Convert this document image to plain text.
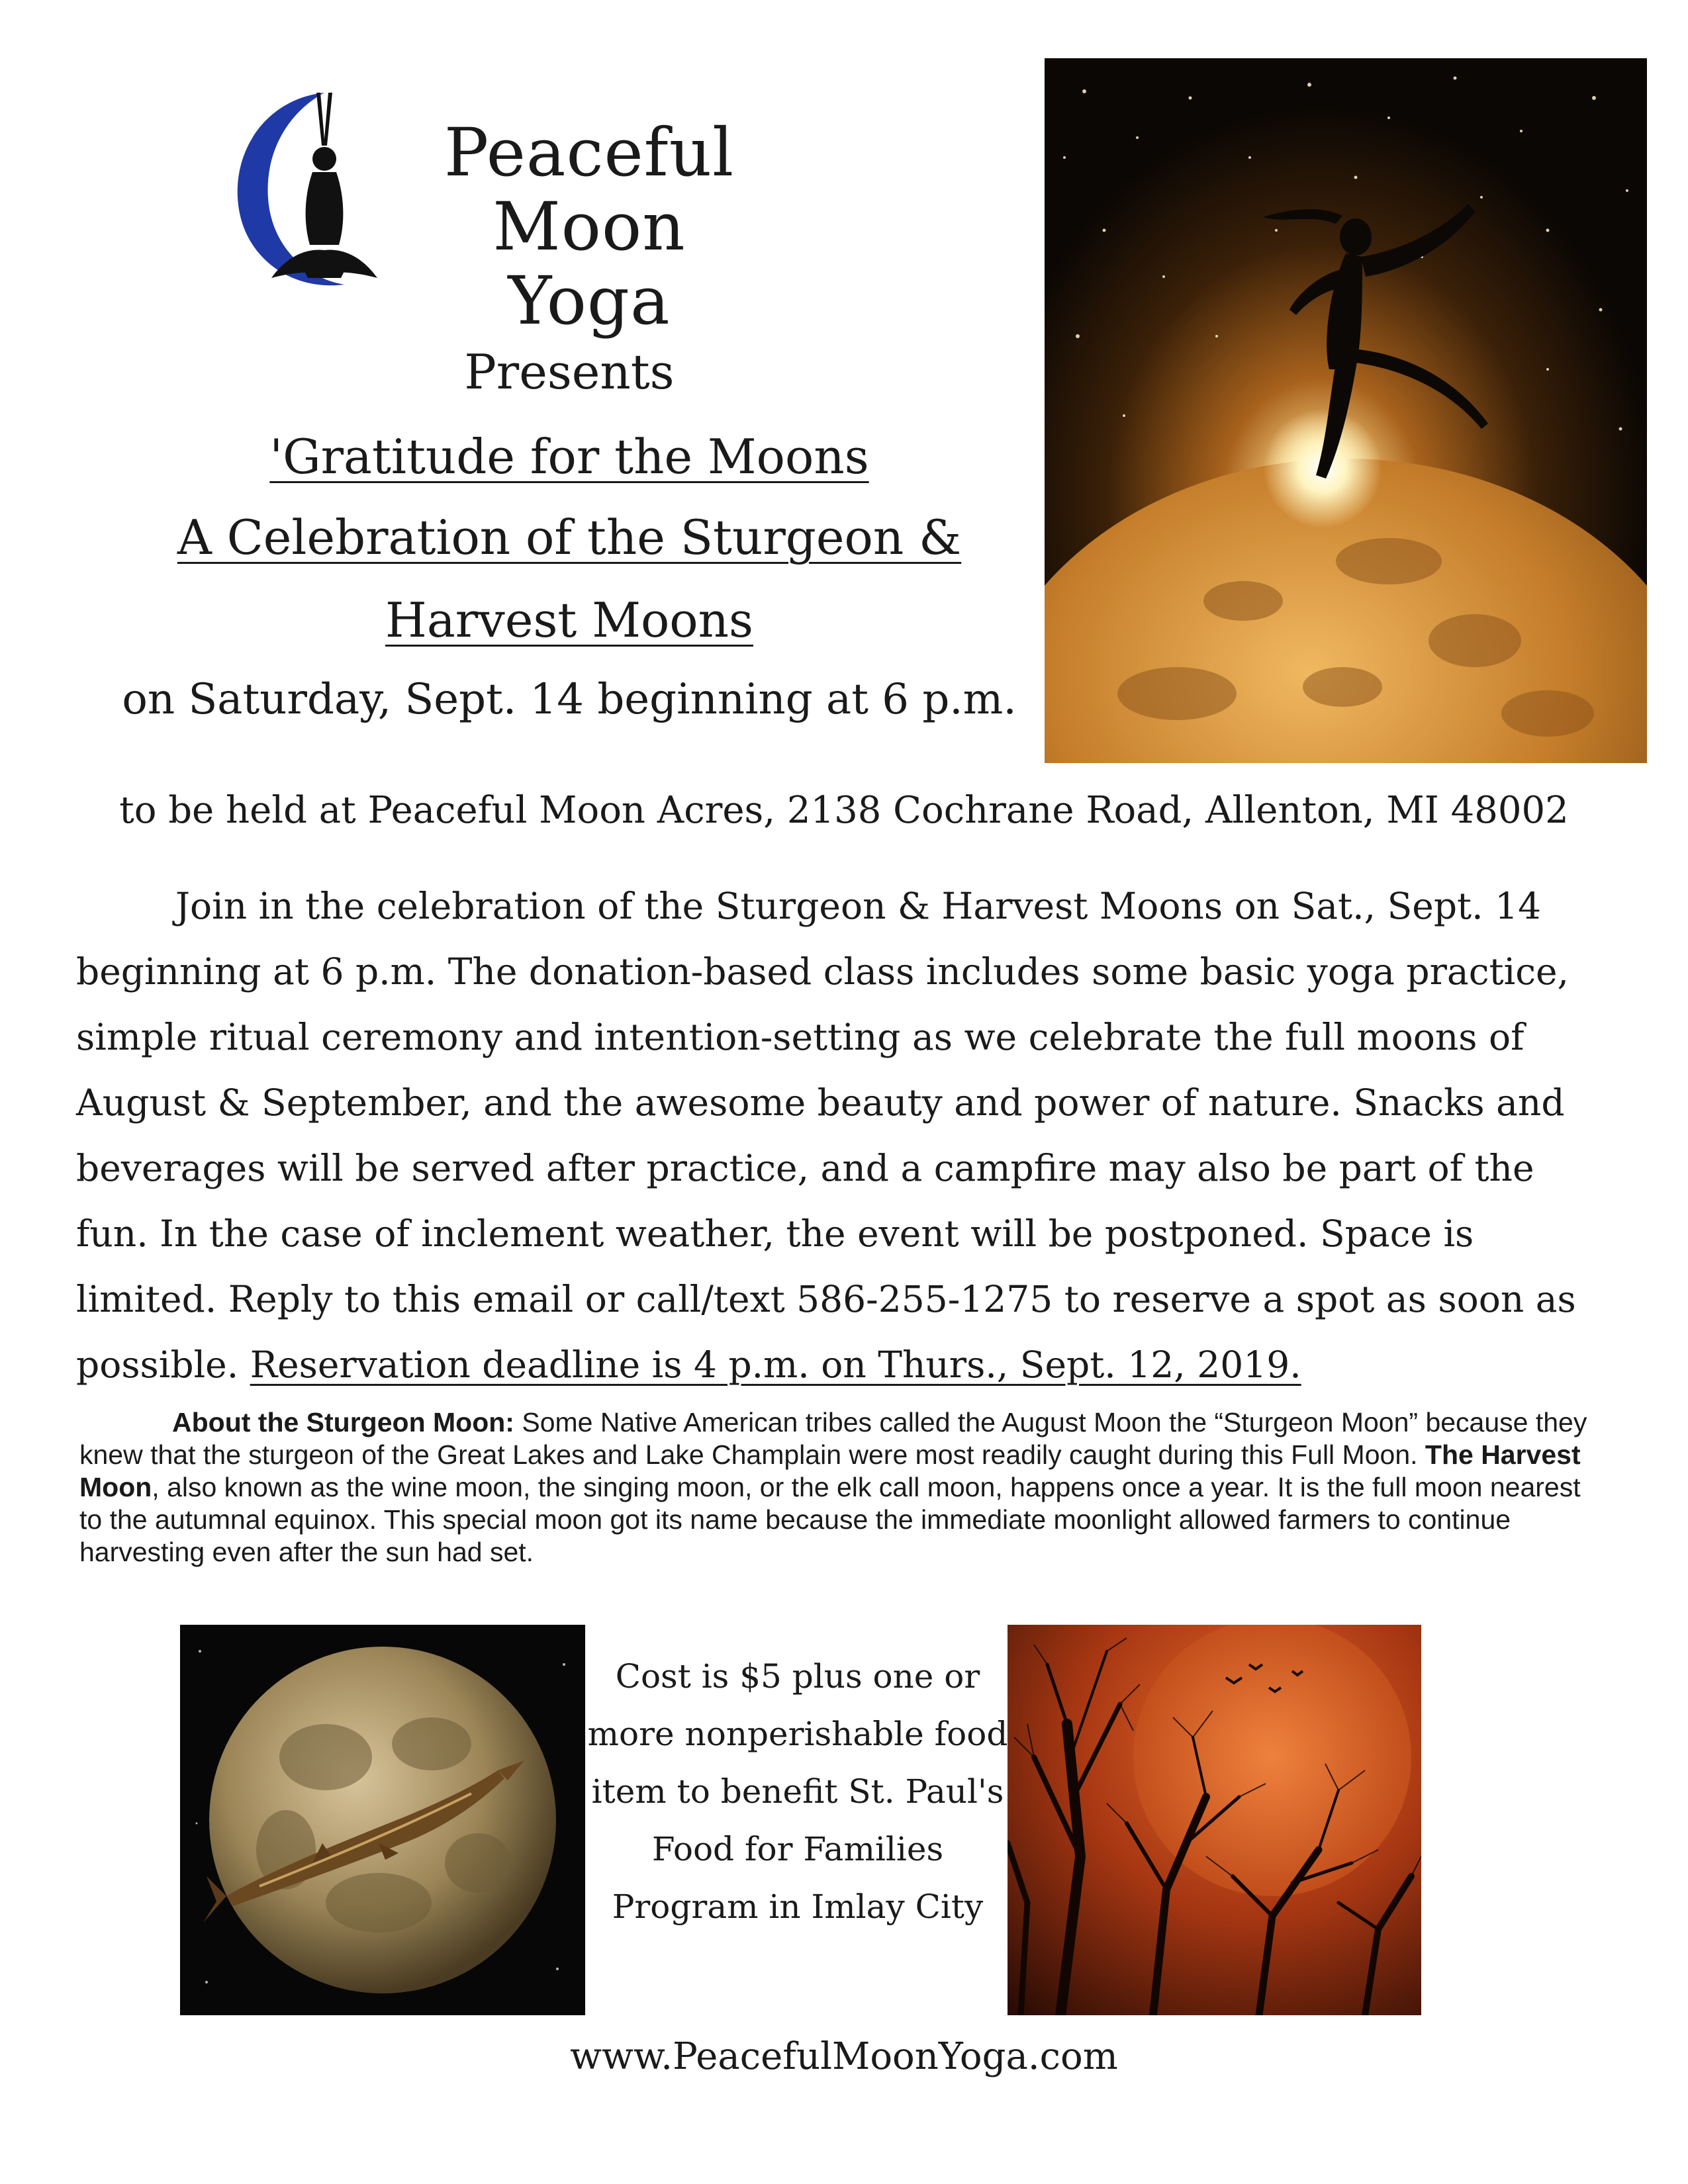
Peaceful Moon
Yoga
Presents
'Gratitude for the Moons
A Celebration of the Sturgeon &
Harvest Moons
on Saturday, Sept. 14 beginning at 6 p.m.
to be held at Peaceful Moon Acres, 2138 Cochrane Road, Allenton, MI 48002
Join in the celebration of the Sturgeon & Harvest Moons on Sat., Sept. 14 beginning at 6 p.m. The donation-based class includes some basic yoga practice, simple ritual ceremony and intention-setting as we celebrate the full moons of August & September, and the awesome beauty and power of nature. Snacks and beverages will be served after practice, and a campfire may also be part of the fun. In the case of inclement weather, the event will be postponed. Space is limited. Reply to this email or call/text 586-255-1275 to reserve a spot as soon as possible. Reservation deadline is 4 p.m. on Thurs., Sept. 12, 2019.
About the Sturgeon Moon: Some Native American tribes called the August Moon the “Sturgeon Moon” because they knew that the sturgeon of the Great Lakes and Lake Champlain were most readily caught during this Full Moon. The Harvest Moon, also known as the wine moon, the singing moon, or the elk call moon, happens once a year. It is the full moon nearest to the autumnal equinox. This special moon got its name because the immediate moonlight allowed farmers to continue harvesting even after the sun had set.
Cost is $5 plus one or more nonperishable food item to benefit St. Paul's Food for Families Program in Imlay City
www.PeacefulMoonYoga.com
